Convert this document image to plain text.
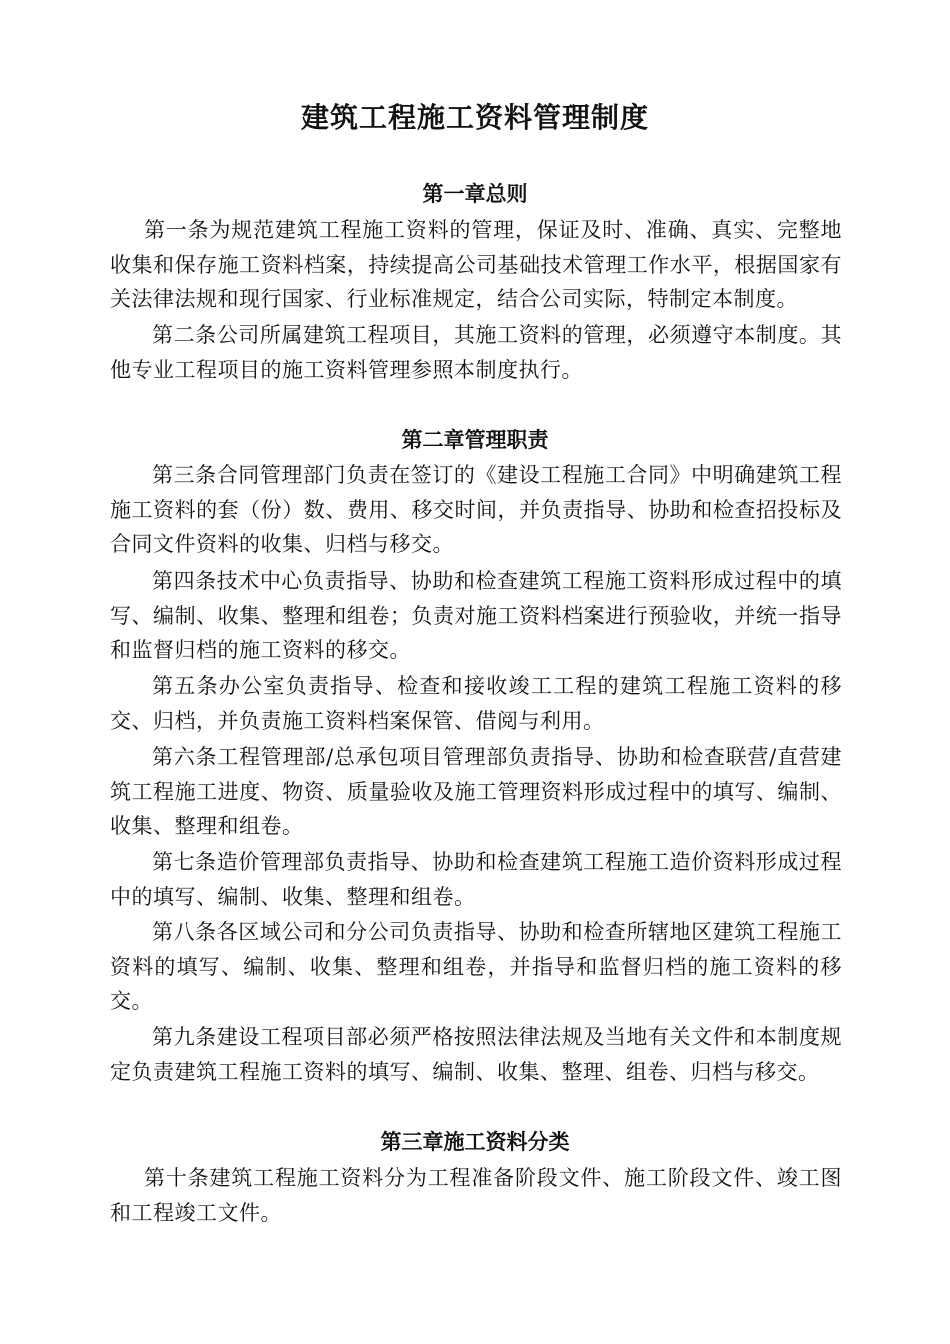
建筑工程施工资料管理制度
第一章总则

第一条为规范建筑工程施工资料的管理，保证及时、准确、真实、完整地收集和保存施工资料档案，持续提高公司基础技术管理工作水平，根据国家有关法律法规和现行国家、行业标准规定，结合公司实际，特制定本制度。

第二条公司所属建筑工程项目，其施工资料的管理，必须遵守本制度。其他专业工程项目的施工资料管理参照本制度执行。

第二章管理职责

第三条合同管理部门负责在签订的《建设工程施工合同》中明确建筑工程施工资料的套（份）数、费用、移交时间，并负责指导、协助和检查招投标及合同文件资料的收集、归档与移交。

第四条技术中心负责指导、协助和检查建筑工程施工资料形成过程中的填写、编制、收集、整理和组卷；负责对施工资料档案进行预验收，并统一指导和监督归档的施工资料的移交。

第五条办公室负责指导、检查和接收竣工工程的建筑工程施工资料的移交、归档，并负责施工资料档案保管、借阅与利用。

第六条工程管理部/总承包项目管理部负责指导、协助和检查联营/直营建筑工程施工进度、物资、质量验收及施工管理资料形成过程中的填写、编制、收集、整理和组卷。

第七条造价管理部负责指导、协助和检查建筑工程施工造价资料形成过程中的填写、编制、收集、整理和组卷。

第八条各区域公司和分公司负责指导、协助和检查所辖地区建筑工程施工资料的填写、编制、收集、整理和组卷，并指导和监督归档的施工资料的移交。

第九条建设工程项目部必须严格按照法律法规及当地有关文件和本制度规定负责建筑工程施工资料的填写、编制、收集、整理、组卷、归档与移交。

第三章施工资料分类

第十条建筑工程施工资料分为工程准备阶段文件、施工阶段文件、竣工图和工程竣工文件。
